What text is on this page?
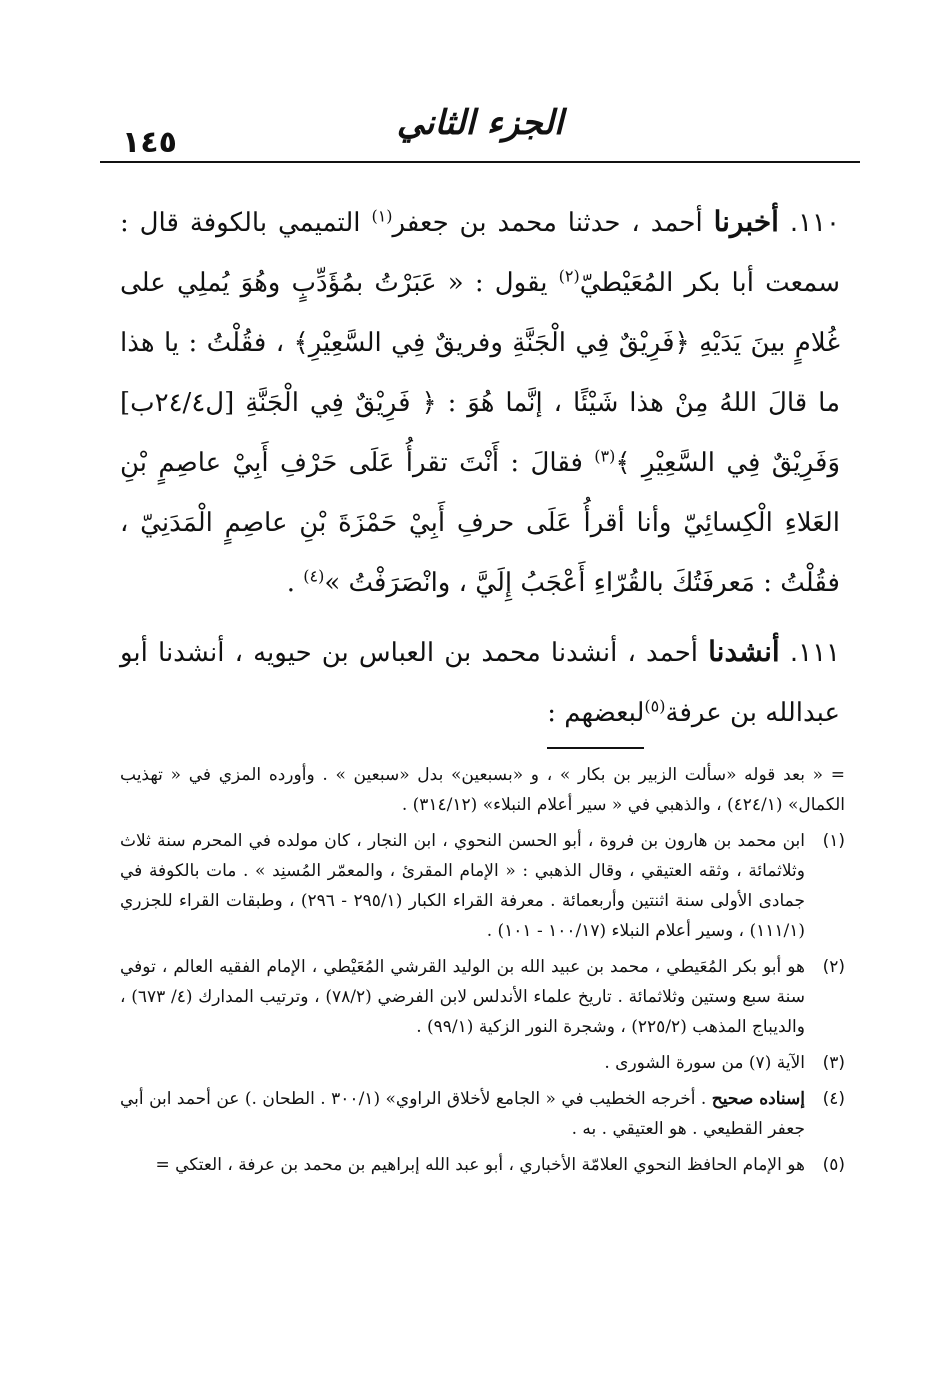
١٤٥	الجزء الثاني

١١٠. أخبرنا أحمد ، حدثنا محمد بن جعفر$^{(١)}$ التميمي بالكوفة قال : سمعت أبا بكر المُعَيْطيّ$^{(٢)}$ يقول : « عَبَرْتُ بمُؤَدِّبٍ وهُوَ يُملِي على غُلامٍ بينَ يَدَيْهِ ﴿فَرِيْقٌ فِي الْجَنَّةِ وفريقٌ فِي السَّعِيْرِ﴾ ، فقُلْتُ : يا هذا ما قالَ اللهُ مِنْ هذا شَيْئًا ، إنَّما هُوَ : ﴿ فَرِيْقٌ فِي الْجَنَّةِ [ل٢٤/٤ب] وَفَرِيْقٌ فِي السَّعِيْرِ ﴾$^{(٣)}$ فقالَ : أَنْتَ تقرأُ عَلَى حَرْفِ أَبِيْ عاصِمٍ بْنِ العَلاءِ الْكِسائِيّ وأنا أقرأُ عَلَى حرفِ أَبِيْ حَمْزَةَ بْنِ عاصِمٍ الْمَدَنِيّ ، فقُلْتُ : مَعرفَتُكَ بالقُرّاءِ أَعْجَبُ إِلَيَّ ، وانْصَرَفْتُ »$^{(٤)}$ .

١١١. أنشدنا أحمد ، أنشدنا محمد بن العباس بن حيويه ، أنشدنا أبو عبدالله بن عرفة$^{(٥)}$لبعضهم :

= « بعد قوله «سألت الزبير بن بكار » ، و «بسبعين» بدل «سبعين » . وأورده المزي في « تهذيب الكمال» (٤٢٤/١) ، والذهبي في « سير أعلام النبلاء» (٣١٤/١٢) .
(١)
ابن محمد بن هارون بن فروة ، أبو الحسن النحوي ، ابن النجار ، كان مولده في المحرم سنة ثلاث وثلاثمائة ، وثقه العتيقي ، وقال الذهبي : « الإمام المقرئ ، والمعمّر المُسنِد » . مات بالكوفة في جمادى الأولى سنة اثنتين وأربعمائة . معرفة القراء الكبار (٢٩٥/١ - ٢٩٦) ، وطبقات القراء للجزري (١١١/١) ، وسير أعلام النبلاء (١٠٠/١٧ - ١٠١) .
(٢)
هو أبو بكر المُعَيطي ، محمد بن عبيد الله بن الوليد القرشي المُعَيْطي ، الإمام الفقيه العالم ، توفي سنة سبع وستين وثلاثمائة . تاريخ علماء الأندلس لابن الفرضي (٧٨/٢) ، وترتيب المدارك (٤/ ٦٧٣) ، والديباج المذهب (٢٢٥/٢) ، وشجرة النور الزكية (٩٩/١) .
(٣)
الآية (٧) من سورة الشورى .
(٤)
إسناده صحيح . أخرجه الخطيب في « الجامع لأخلاق الراوي» (٣٠٠/١ . الطحان .) عن أحمد ابن أبي جعفر القطيعي . هو العتيقي . به .
(٥)
هو الإمام الحافظ النحوي العلامّة الأخباري ، أبو عبد الله إبراهيم بن محمد بن عرفة ، العتكي =
